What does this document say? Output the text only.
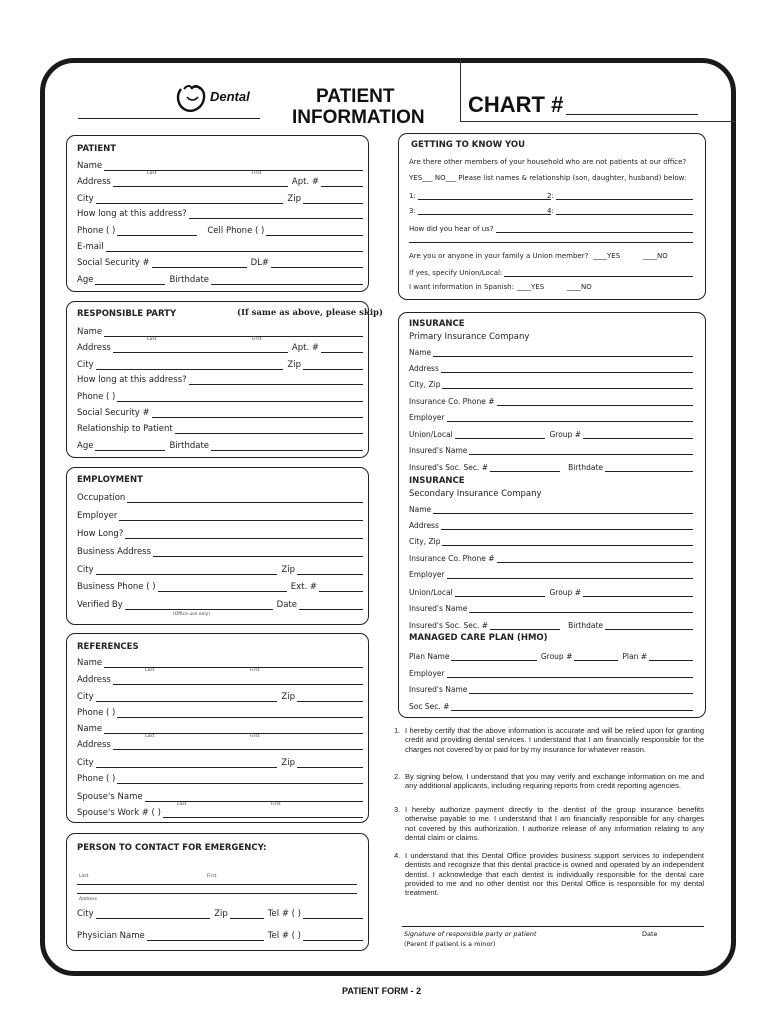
Dental	PATIENT
INFORMATION
CHART #
PATIENT
Name
Last	First
Address	Apt. #
City	Zip
How long at this address?
Phone ( )	Cell Phone ( )
E-mail
Social Security #	DL#
Age	Birthdate
RESPONSIBLE PARTY	(If same as above, please skip)
Name
Last	First
Address	Apt. #
City	Zip
How long at this address?
Phone ( )
Social Security #
Relationship to Patient
Age	Birthdate
EMPLOYMENT
Occupation
Employer
How Long?
Business Address
City	Zip
Business Phone ( )	Ext. #
Verified By	Date
(Office use only)
REFERENCES
Name
Last	First
Address
City	Zip
Phone ( )
Name
Last	First
Address
City	Zip
Phone ( )
Spouse's Name
Last	First
Spouse's Work # ( )
PERSON TO CONTACT FOR EMERGENCY:
Last	First
Address
City	Zip	Tel # ( )
Physician Name	Tel # ( )
GETTING TO KNOW YOU
Are there other members of your household who are not patients at our office?
YES___ NO___ Please list names & relationship (son, daughter, husband) below:
1:	2:
3:	4:
How did you hear of us?
Are you or anyone in your family a Union member? ____YES	____NO
If yes, specify Union/Local:
I want information in Spanish: ____YES	____NO
INSURANCE
Primary Insurance Company
Name
Address
City, Zip
Insurance Co. Phone #
Employer
Union/Local	Group #
Insured's Name
Insured's Soc. Sec. #	Birthdate
INSURANCE
Secondary Insurance Company
Name
Address
City, Zip
Insurance Co. Phone #
Employer
Union/Local	Group #
Insured's Name
Insured's Soc. Sec. #	Birthdate
MANAGED CARE PLAN (HMO)
Plan Name	Group #	Plan #
Employer
Insured's Name
Soc Sec. #
1. I hereby certify that the above information is accurate and will be relied upon for granting credit and providing dental services. I understand that I am financially responsible for the charges not covered by or paid for by my insurance for whatever reason.
2. By signing below, I understand that you may verify and exchange information on me and any additional applicants, including requiring reports from credit reporting agencies.
3. I hereby authorize payment directly to the dentist of the group insurance benefits otherwise payable to me. I understand that I am financially responsible for any charges not covered by this authorization. I authorize release of any information relating to any dental claim or claims.
4. I understand that this Dental Office provides business support services to independent dentists and recognize that this dental practice is owned and operated by an independent dentist. I acknowledge that each dentist is individually responsible for the dental care provided to me and no other dentist nor this Dental Office is responsible for my dental treatment.
Signature of responsible party or patient	Date
(Parent if patient is a minor)
PATIENT FORM - 2
